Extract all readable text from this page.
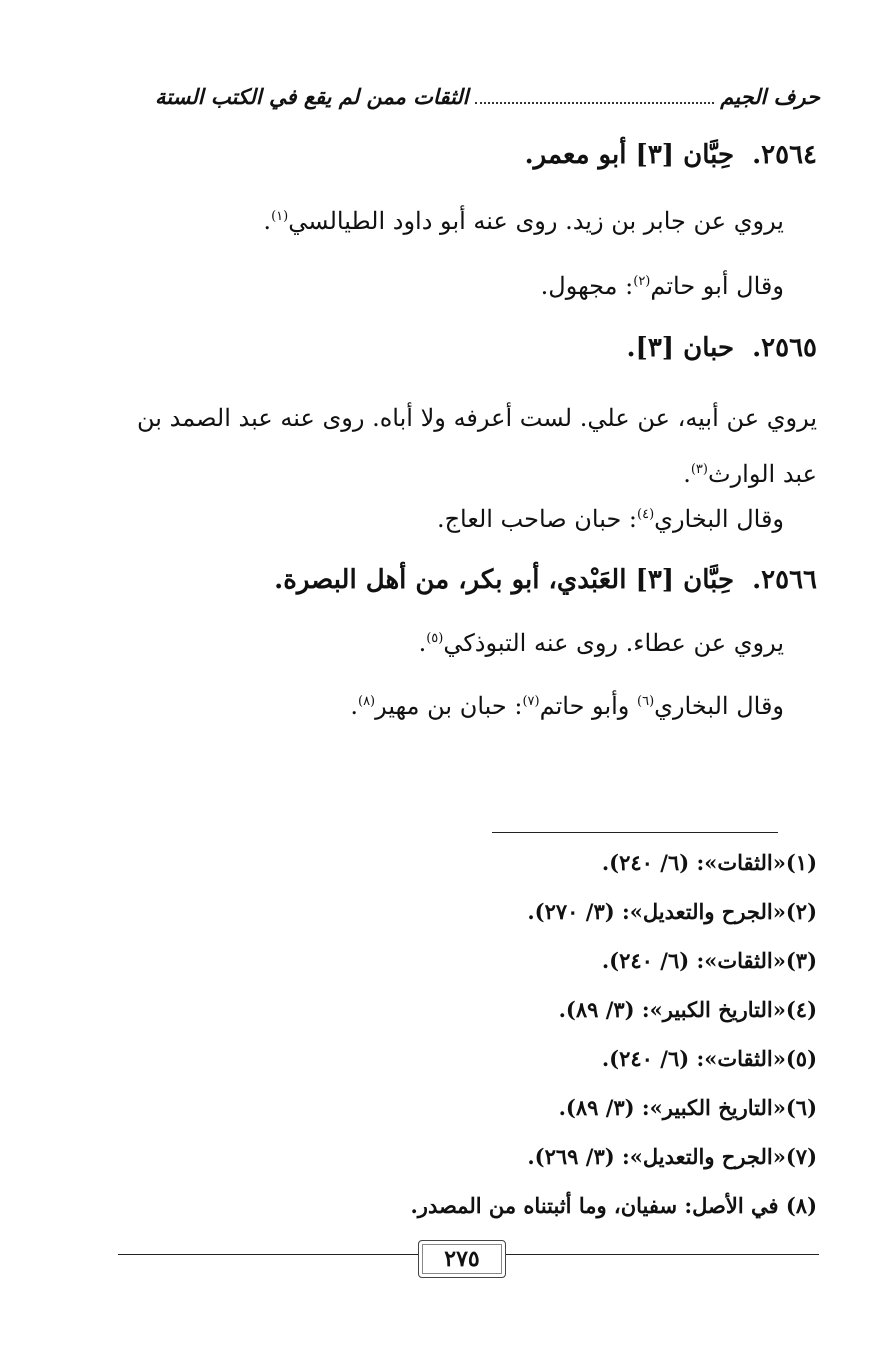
حرف الجيم
الثقات ممن لم يقع في الكتب الستة
٢٥٦٤.حِبَّان [٣] أبو معمر.
يروي عن جابر بن زيد. روى عنه أبو داود الطيالسي$^{(١)}$.
وقال أبو حاتم$^{(٢)}$: مجهول.
٢٥٦٥.حبان [٣].
يروي عن أبيه، عن علي. لست أعرفه ولا أباه. روى عنه عبد الصمد بن عبد الوارث$^{(٣)}$.
وقال البخاري$^{(٤)}$: حبان صاحب العاج.
٢٥٦٦.حِبَّان [٣] العَبْدي، أبو بكر، من أهل البصرة.
يروي عن عطاء. روى عنه التبوذكي$^{(٥)}$.
وقال البخاري$^{(٦)}$ وأبو حاتم$^{(٧)}$: حبان بن مهير$^{(٨)}$.
(١)«الثقات»: (٦/ ٢٤٠).
(٢)«الجرح والتعديل»: (٣/ ٢٧٠).
(٣)«الثقات»: (٦/ ٢٤٠).
(٤)«التاريخ الكبير»: (٣/ ٨٩).
(٥)«الثقات»: (٦/ ٢٤٠).
(٦)«التاريخ الكبير»: (٣/ ٨٩).
(٧)«الجرح والتعديل»: (٣/ ٢٦٩).
(٨) في الأصل: سفيان، وما أثبتناه من المصدر.
٢٧٥
